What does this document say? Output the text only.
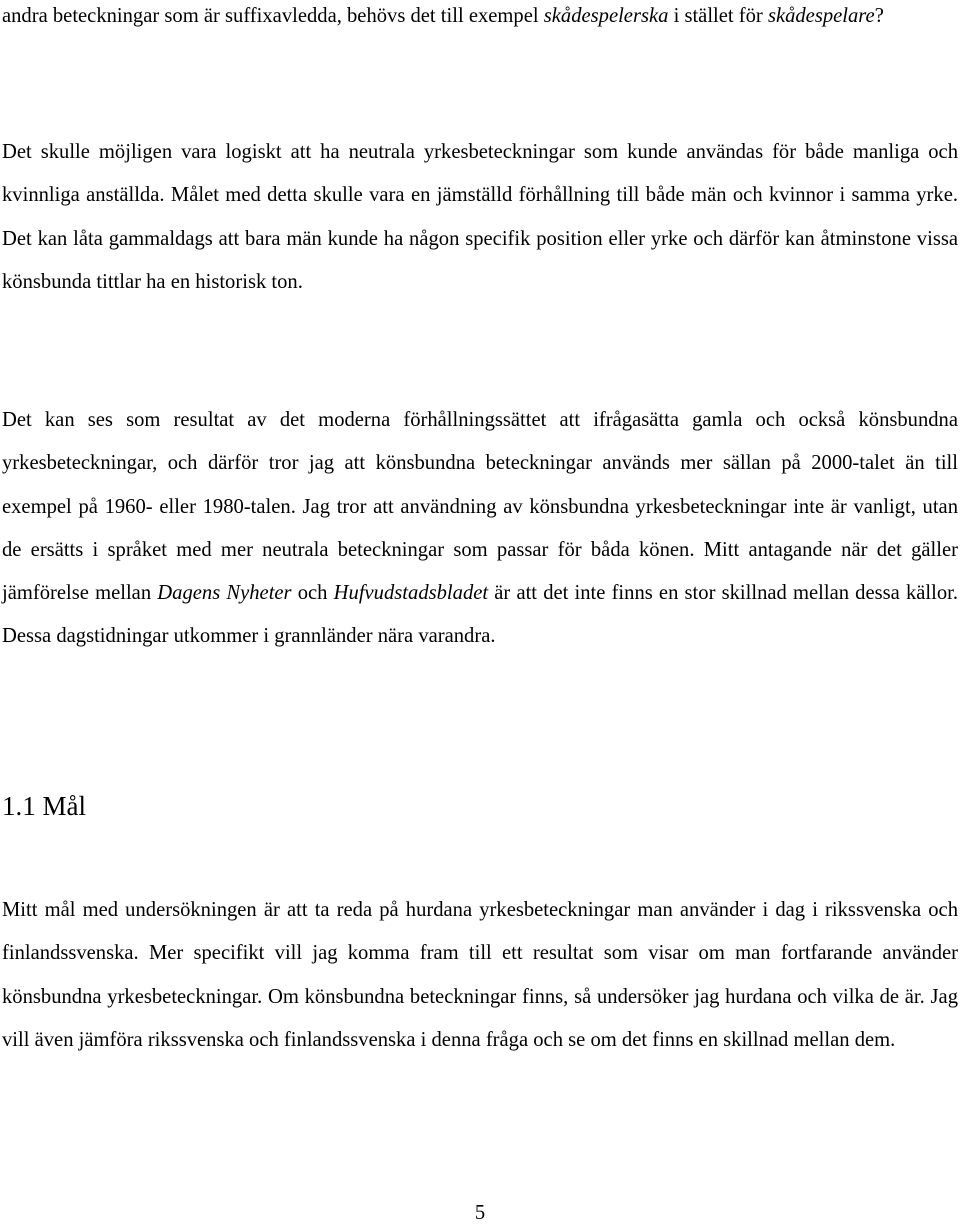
andra beteckningar som är suffixavledda, behövs det till exempel skådespelerska i stället för skådespelare?

Det skulle möjligen vara logiskt att ha neutrala yrkesbeteckningar som kunde användas för både manliga och kvinnliga anställda. Målet med detta skulle vara en jämställd förhållning till både män och kvinnor i samma yrke. Det kan låta gammaldags att bara män kunde ha någon specifik position eller yrke och därför kan åtminstone vissa könsbunda tittlar ha en historisk ton.

Det kan ses som resultat av det moderna förhållningssättet att ifrågasätta gamla och också könsbundna yrkesbeteckningar, och därför tror jag att könsbundna beteckningar används mer sällan på 2000-talet än till exempel på 1960- eller 1980-talen. Jag tror att användning av könsbundna yrkesbeteckningar inte är vanligt, utan de ersätts i språket med mer neutrala beteckningar som passar för båda könen. Mitt antagande när det gäller jämförelse mellan Dagens Nyheter och Hufvudstadsbladet är att det inte finns en stor skillnad mellan dessa källor. Dessa dagstidningar utkommer i grannländer nära varandra.

1.1 Mål

Mitt mål med undersökningen är att ta reda på hurdana yrkesbeteckningar man använder i dag i rikssvenska och finlandssvenska. Mer specifikt vill jag komma fram till ett resultat som visar om man fortfarande använder könsbundna yrkesbeteckningar. Om könsbundna beteckningar finns, så undersöker jag hurdana och vilka de är. Jag vill även jämföra rikssvenska och finlandssvenska i denna fråga och se om det finns en skillnad mellan dem.

5
